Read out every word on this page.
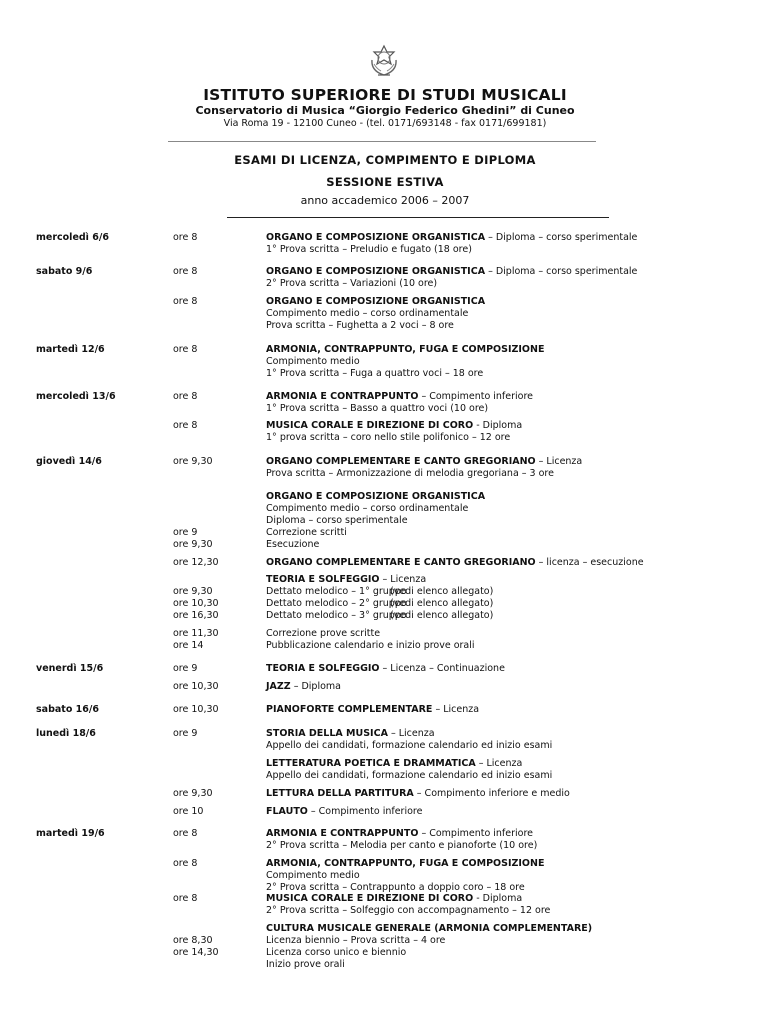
ISTITUTO SUPERIORE DI STUDI MUSICALI
Conservatorio di Musica “Giorgio Federico Ghedini” di Cuneo
Via Roma 19 - 12100 Cuneo - (tel. 0171/693148 - fax 0171/699181)
ESAMI DI LICENZA, COMPIMENTO E DIPLOMA
SESSIONE ESTIVA
anno accademico 2006 – 2007
mercoledì 6/6	ore 8	ORGANO E COMPOSIZIONE ORGANISTICA – Diploma – corso sperimentale
1° Prova scritta – Preludio e fugato (18 ore)
sabato 9/6	ore 8	ORGANO E COMPOSIZIONE ORGANISTICA – Diploma – corso sperimentale
2° Prova scritta – Variazioni (10 ore)
ore 8	ORGANO E COMPOSIZIONE ORGANISTICA
Compimento medio – corso ordinamentale
Prova scritta – Fughetta a 2 voci – 8 ore
martedì 12/6	ore 8	ARMONIA, CONTRAPPUNTO, FUGA E COMPOSIZIONE
Compimento medio
1° Prova scritta – Fuga a quattro voci – 18 ore
mercoledì 13/6	ore 8	ARMONIA E CONTRAPPUNTO – Compimento inferiore
1° Prova scritta – Basso a quattro voci (10 ore)
ore 8	MUSICA CORALE E DIREZIONE DI CORO - Diploma
1° prova scritta – coro nello stile polifonico – 12 ore
giovedì 14/6	ore 9,30	ORGANO COMPLEMENTARE E CANTO GREGORIANO – Licenza
Prova scritta – Armonizzazione di melodia gregoriana – 3 ore
ORGANO E COMPOSIZIONE ORGANISTICA
Compimento medio – corso ordinamentale
Diploma – corso sperimentale
ore 9	Correzione scritti
ore 9,30	Esecuzione
ore 12,30	ORGANO COMPLEMENTARE E CANTO GREGORIANO – licenza – esecuzione
TEORIA E SOLFEGGIO – Licenza
ore 9,30	Dettato melodico – 1° gruppo(vedi elenco allegato)
ore 10,30	Dettato melodico – 2° gruppo(vedi elenco allegato)
ore 16,30	Dettato melodico – 3° gruppo(vedi elenco allegato)
ore 11,30	Correzione prove scritte
ore 14	Pubblicazione calendario e inizio prove orali
venerdì 15/6	ore 9	TEORIA E SOLFEGGIO – Licenza – Continuazione
ore 10,30	JAZZ – Diploma
sabato 16/6	ore 10,30	PIANOFORTE COMPLEMENTARE – Licenza
lunedì 18/6	ore 9	STORIA DELLA MUSICA – Licenza
Appello dei candidati, formazione calendario ed inizio esami
LETTERATURA POETICA E DRAMMATICA – Licenza
Appello dei candidati, formazione calendario ed inizio esami
ore 9,30	LETTURA DELLA PARTITURA – Compimento inferiore e medio
ore 10	FLAUTO – Compimento inferiore
martedì 19/6	ore 8	ARMONIA E CONTRAPPUNTO – Compimento inferiore
2° Prova scritta – Melodia per canto e pianoforte (10 ore)
ore 8	ARMONIA, CONTRAPPUNTO, FUGA E COMPOSIZIONE
Compimento medio
2° Prova scritta – Contrappunto a doppio coro – 18 ore
ore 8	MUSICA CORALE E DIREZIONE DI CORO - Diploma
2° Prova scritta – Solfeggio con accompagnamento – 12 ore
CULTURA MUSICALE GENERALE (ARMONIA COMPLEMENTARE)
ore 8,30	Licenza biennio – Prova scritta – 4 ore
ore 14,30	Licenza corso unico e biennio
Inizio prove orali
